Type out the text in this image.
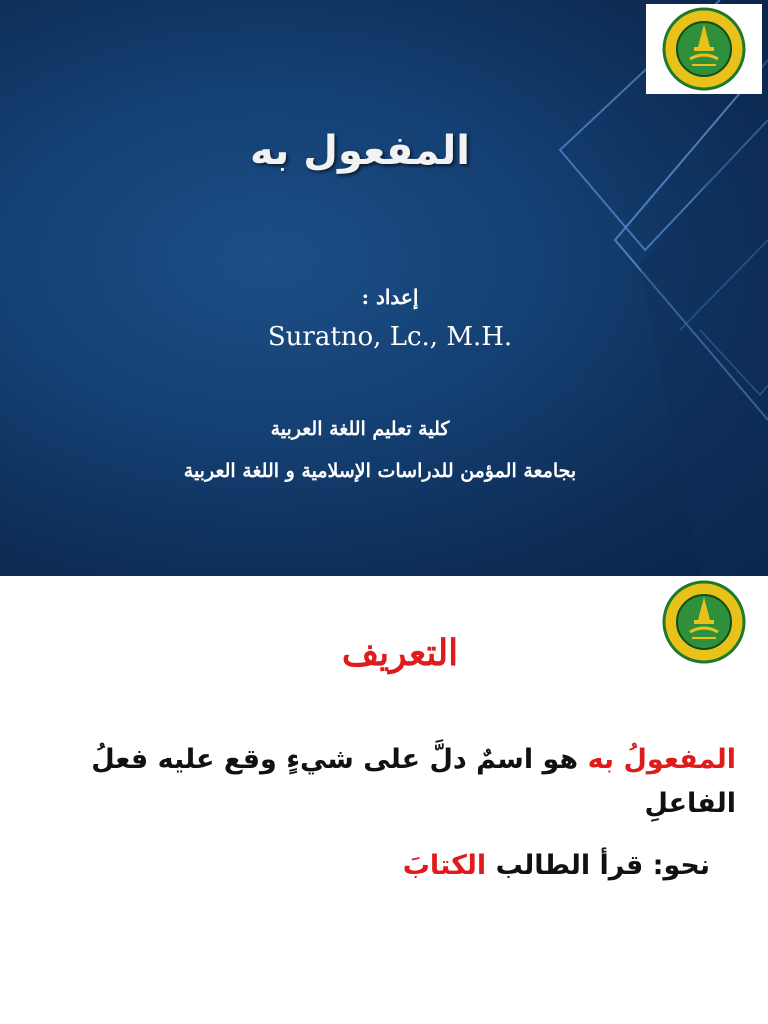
المفعول به
إعداد :
Suratno, Lc., M.H.
كلية تعليم اللغة العربية
بجامعة المؤمن للدراسات الإسلامية و اللغة العربية
التعريف
المفعولُ به هو اسمٌ دلَّ على شيءٍ وقع عليه فعلُ الفاعلِ
نحو: قرأ الطالب الكتابَ
